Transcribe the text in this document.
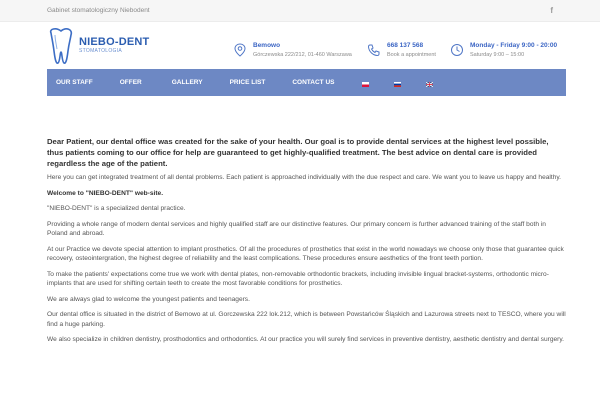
Gabinet stomatologiczny Niebodent	f
NIEBO-DENT
STOMATOLOGIA
Bemowo
Górczewska 222/212, 01-460 Warszawa
668 137 568
Book a appointment
Monday - Friday 9:00 - 20:00
Saturday 9:00 – 15:00
OUR STAFF	OFFER	GALLERY	PRICE LIST	CONTACT US

Dear Patient, our dental office was created for the sake of your health. Our goal is to provide dental services at the highest level possible, thus patients coming to our office for help are guaranteed to get highly-qualified treatment. The best advice on dental care is provided regardless the age of the patient.

Here you can get integrated treatment of all dental problems. Each patient is approached individually with the due respect and care. We want you to leave us happy and healthy.

Welcome to "NIEBO-DENT" web-site.

"NIEBO-DENT" is a specialized dental practice.

Providing a whole range of modern dental services and highly qualified staff are our distinctive features. Our primary concern is further advanced training of the staff both in Poland and abroad.

At our Practice we devote special attention to implant prosthetics. Of all the procedures of prosthetics that exist in the world nowadays we choose only those that guarantee quick recovery, osteointergration, the highest degree of reliability and the least complications. These procedures ensure aesthetics of the front teeth portion.

To make the patients' expectations come true we work with dental plates, non-removable orthodontic brackets, including invisible lingual bracket-systems, orthodontic micro-implants that are used for shifting certain teeth to create the most favorable conditions for prosthetics.

We are always glad to welcome the youngest patients and teenagers.

Our dental office is situated in the district of Bemowo at ul. Gorczewska 222 lok.212, which is between Powstańców Śląskich and Lazurowa streets next to TESCO, where you will find a huge parking.

We also specialize in children dentistry, prosthodontics and orthodontics. At our practice you will surely find services in preventive dentistry, aesthetic dentistry and dental surgery.
